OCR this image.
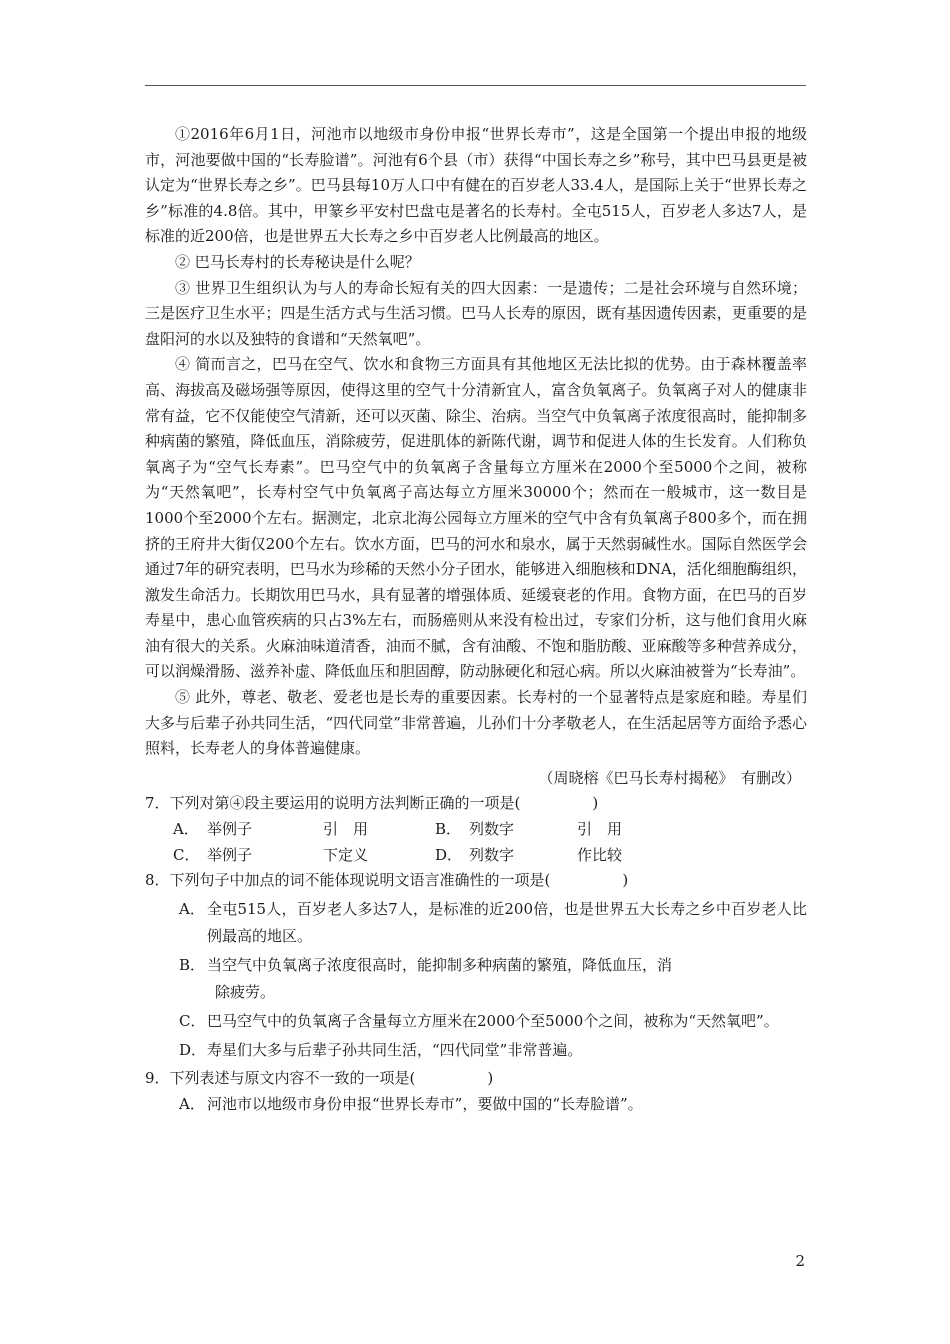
①2016年6月1日，河池市以地级市身份申报“世界长寿市”，这是全国第一个提出申报的地级市，河池要做中国的“长寿脸谱”。河池有6个县（市）获得“中国长寿之乡”称号，其中巴马县更是被认定为“世界长寿之乡”。巴马县每10万人口中有健在的百岁老人33.4人，是国际上关于“世界长寿之乡”标准的4.8倍。其中，甲篆乡平安村巴盘屯是著名的长寿村。全屯515人，百岁老人多达7人，是标准的近200倍，也是世界五大长寿之乡中百岁老人比例最高的地区。

② 巴马长寿村的长寿秘诀是什么呢？

③ 世界卫生组织认为与人的寿命长短有关的四大因素：一是遗传；二是社会环境与自然环境；三是医疗卫生水平；四是生活方式与生活习惯。巴马人长寿的原因，既有基因遗传因素，更重要的是盘阳河的水以及独特的食谱和“天然氧吧”。

④ 简而言之，巴马在空气、饮水和食物三方面具有其他地区无法比拟的优势。由于森林覆盖率高、海拔高及磁场强等原因，使得这里的空气十分清新宜人，富含负氧离子。负氧离子对人的健康非常有益，它不仅能使空气清新，还可以灭菌、除尘、治病。当空气中负氧离子浓度很高时，能抑制多种病菌的繁殖，降低血压，消除疲劳，促进肌体的新陈代谢，调节和促进人体的生长发育。人们称负氧离子为“空气长寿素”。巴马空气中的负氧离子含量每立方厘米在2000个至5000个之间，被称为“天然氧吧”，长寿村空气中负氧离子高达每立方厘米30000个；然而在一般城市，这一数目是1000个至2000个左右。据测定，北京北海公园每立方厘米的空气中含有负氧离子800多个，而在拥挤的王府井大街仅200个左右。饮水方面，巴马的河水和泉水，属于天然弱碱性水。国际自然医学会通过7年的研究表明，巴马水为珍稀的天然小分子团水，能够进入细胞核和DNA，活化细胞酶组织，激发生命活力。长期饮用巴马水，具有显著的增强体质、延缓衰老的作用。食物方面，在巴马的百岁寿星中，患心血管疾病的只占3%左右，而肠癌则从来没有检出过，专家们分析，这与他们食用火麻油有很大的关系。火麻油味道清香，油而不腻，含有油酸、不饱和脂肪酸、亚麻酸等多种营养成分，可以润燥滑肠、滋养补虚、降低血压和胆固醇，防动脉硬化和冠心病。所以火麻油被誉为“长寿油”。

⑤ 此外，尊老、敬老、爱老也是长寿的重要因素。长寿村的一个显著特点是家庭和睦。寿星们大多与后辈子孙共同生活，“四代同堂”非常普遍，儿孙们十分孝敬老人，在生活起居等方面给予悉心照料，长寿老人的身体普遍健康。

（周晓榕《巴马长寿村揭秘》　有删改）
7．下列对第④段主要运用的说明方法判断正确的一项是(	)
A． 举例子	引　用	B． 列数字	引　用
C． 举例子	下定义	D． 列数字	作比较
8．下列句子中加点的词不能体现说明文语言准确性的一项是(	)
A． 全屯515人，百岁老人多达7人，是标准的近200倍，也是世界五大长寿之乡中百岁老人比例最高的地区。
B． 当空气中负氧离子浓度很高时，能抑制多种病菌的繁殖，降低血压，消
除疲劳。
C． 巴马空气中的负氧离子含量每立方厘米在2000个至5000个之间，被称为“天然氧吧”。
D． 寿星们大多与后辈子孙共同生活，“四代同堂”非常普遍。
9．下列表述与原文内容不一致的一项是(	)
A． 河池市以地级市身份申报“世界长寿市”，要做中国的“长寿脸谱”。
2
